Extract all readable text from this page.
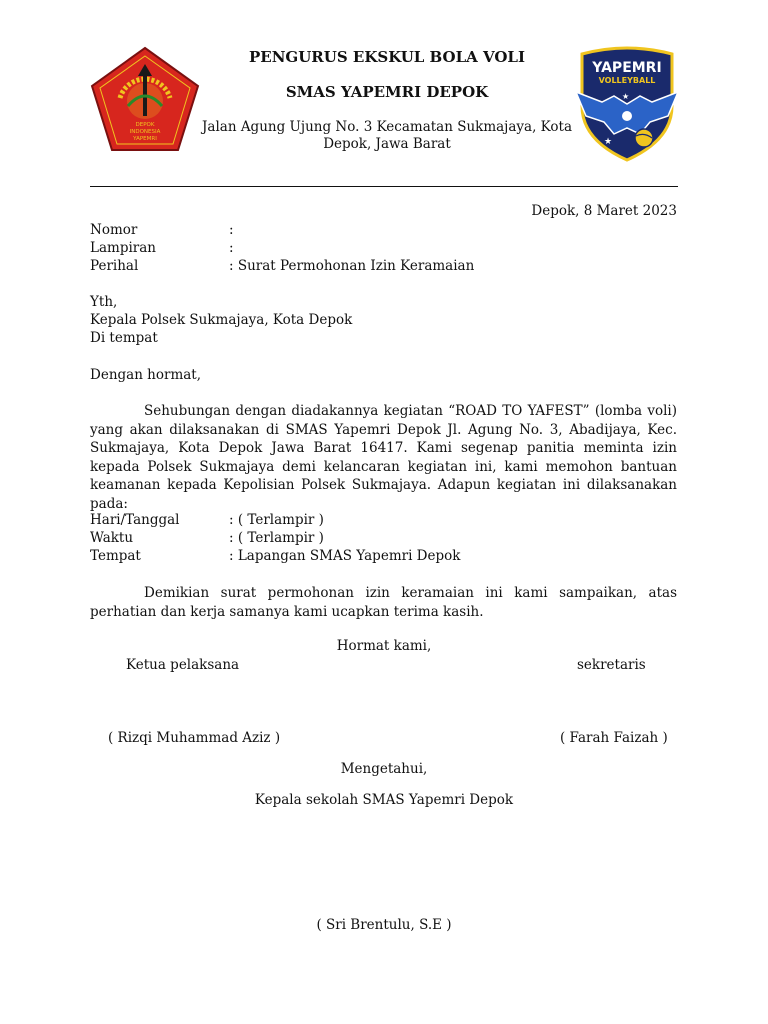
DEPOK
INDONESIA
YAPEMRI
YAPEMRI
VOLLEYBALL
★
★
PENGURUS EKSKUL BOLA VOLI
SMAS YAPEMRI DEPOK
Jalan Agung Ujung No. 3 Kecamatan Sukmajaya, Kota Depok, Jawa Barat
Depok, 8 Maret 2023
Nomor	:
Lampiran	:
Perihal	: Surat Permohonan Izin Keramaian
Yth,
Kepala Polsek Sukmajaya, Kota Depok
Di tempat
Dengan hormat,
Sehubungan dengan diadakannya kegiatan “ROAD TO YAFEST” (lomba voli) yang akan dilaksanakan di SMAS Yapemri Depok Jl. Agung No. 3, Abadijaya, Kec. Sukmajaya, Kota Depok Jawa Barat 16417. Kami segenap panitia meminta izin kepada Polsek Sukmajaya demi kelancaran kegiatan ini, kami memohon bantuan keamanan kepada Kepolisian Polsek Sukmajaya. Adapun kegiatan ini dilaksanakan pada:
Hari/Tanggal	: ( Terlampir )
Waktu	: ( Terlampir )
Tempat	: Lapangan SMAS Yapemri Depok
Demikian surat permohonan izin keramaian ini kami sampaikan, atas perhatian dan kerja samanya kami ucapkan terima kasih.
Hormat kami,
Ketua pelaksana	sekretaris
( Rizqi Muhammad Aziz )	( Farah Faizah )
Mengetahui,
Kepala sekolah SMAS Yapemri Depok
( Sri Brentulu, S.E )
